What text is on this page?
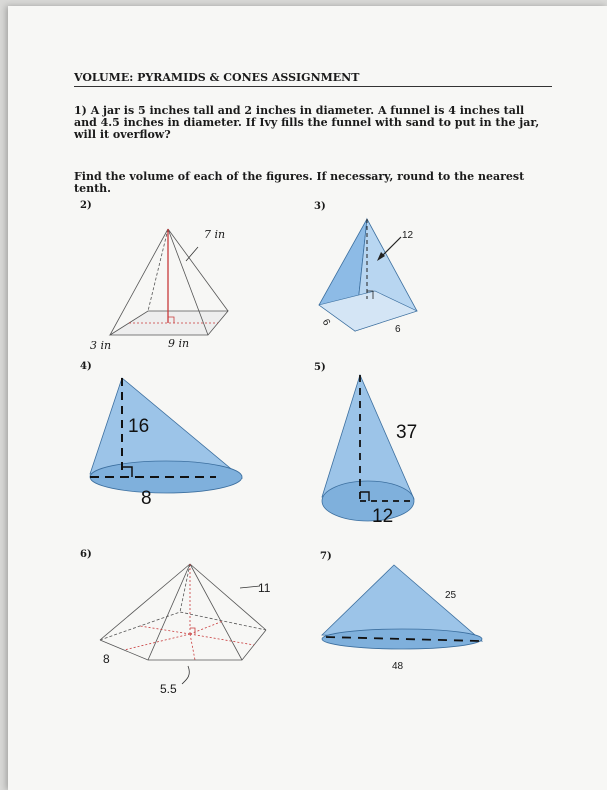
VOLUME: PYRAMIDS & CONES ASSIGNMENT

1) A jar is 5 inches tall and 2 inches in diameter. A funnel is 4 inches tall and 4.5 inches in diameter. If Ivy fills the funnel with sand to put in the jar, will it overflow?

Find the volume of each of the figures. If necessary, round to the nearest tenth.

2)
7 in
3 in	9 in
3)
12
6
6
4)
16
8
5)
37
12
6)
11
8
5.5
7)
25
48
